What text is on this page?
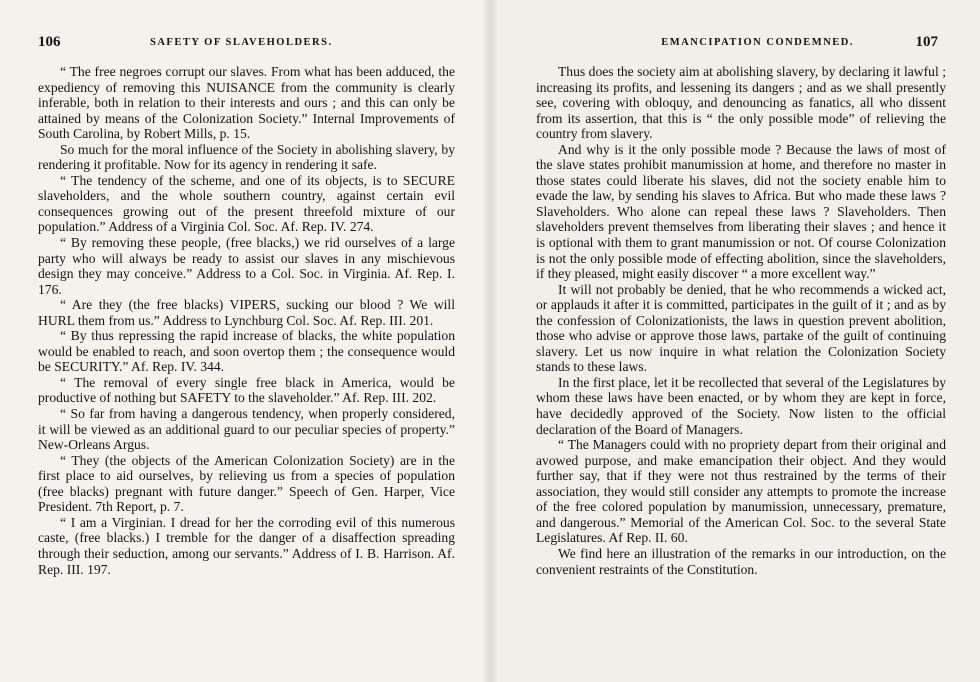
106	SAFETY OF SLAVEHOLDERS.

“ The free negroes corrupt our slaves. From what has been adduced, the expediency of removing this NUISANCE from the community is clearly inferable, both in relation to their interests and ours ; and this can only be attained by means of the Colonization Society.” Internal Improvements of South Carolina, by Robert Mills, p. 15.

So much for the moral influence of the Society in abolishing slavery, by rendering it profitable. Now for its agency in rendering it safe.

“ The tendency of the scheme, and one of its objects, is to SECURE slaveholders, and the whole southern country, against certain evil consequences growing out of the present threefold mixture of our population.” Address of a Virginia Col. Soc. Af. Rep. IV. 274.

“ By removing these people, (free blacks,) we rid ourselves of a large party who will always be ready to assist our slaves in any mischievous design they may conceive.” Address to a Col. Soc. in Virginia. Af. Rep. I. 176.

“ Are they (the free blacks) VIPERS, sucking our blood ? We will HURL them from us.” Address to Lynchburg Col. Soc. Af. Rep. III. 201.

“ By thus repressing the rapid increase of blacks, the white population would be enabled to reach, and soon overtop them ; the consequence would be SECURITY.” Af. Rep. IV. 344.

“ The removal of every single free black in America, would be productive of nothing but SAFETY to the slaveholder.” Af. Rep. III. 202.

“ So far from having a dangerous tendency, when properly considered, it will be viewed as an additional guard to our peculiar species of property.” New-Orleans Argus.

“ They (the objects of the American Colonization Society) are in the first place to aid ourselves, by relieving us from a species of population (free blacks) pregnant with future danger.” Speech of Gen. Harper, Vice President. 7th Report, p. 7.

“ I am a Virginian. I dread for her the corroding evil of this numerous caste, (free blacks.) I tremble for the danger of a disaffection spreading through their seduction, among our servants.” Address of I. B. Harrison. Af. Rep. III. 197.

EMANCIPATION CONDEMNED.	107

Thus does the society aim at abolishing slavery, by declaring it lawful ; increasing its profits, and lessening its dangers ; and as we shall presently see, covering with obloquy, and denouncing as fanatics, all who dissent from its assertion, that this is “ the only possible mode” of relieving the country from slavery.

And why is it the only possible mode ? Because the laws of most of the slave states prohibit manumission at home, and therefore no master in those states could liberate his slaves, did not the society enable him to evade the law, by sending his slaves to Africa. But who made these laws ? Slaveholders. Who alone can repeal these laws ? Slaveholders. Then slaveholders prevent themselves from liberating their slaves ; and hence it is optional with them to grant manumission or not. Of course Colonization is not the only possible mode of effecting abolition, since the slaveholders, if they pleased, might easily discover “ a more excellent way.”

It will not probably be denied, that he who recommends a wicked act, or applauds it after it is committed, participates in the guilt of it ; and as by the confession of Colonizationists, the laws in question prevent abolition, those who advise or approve those laws, partake of the guilt of continuing slavery. Let us now inquire in what relation the Colonization Society stands to these laws.

In the first place, let it be recollected that several of the Legislatures by whom these laws have been enacted, or by whom they are kept in force, have decidedly approved of the Society. Now listen to the official declaration of the Board of Managers.

“ The Managers could with no propriety depart from their original and avowed purpose, and make emancipation their object. And they would further say, that if they were not thus restrained by the terms of their association, they would still consider any attempts to promote the increase of the free colored population by manumission, unnecessary, premature, and dangerous.” Memorial of the American Col. Soc. to the several State Legislatures. Af Rep. II. 60.

We find here an illustration of the remarks in our introduction, on the convenient restraints of the Constitution.
